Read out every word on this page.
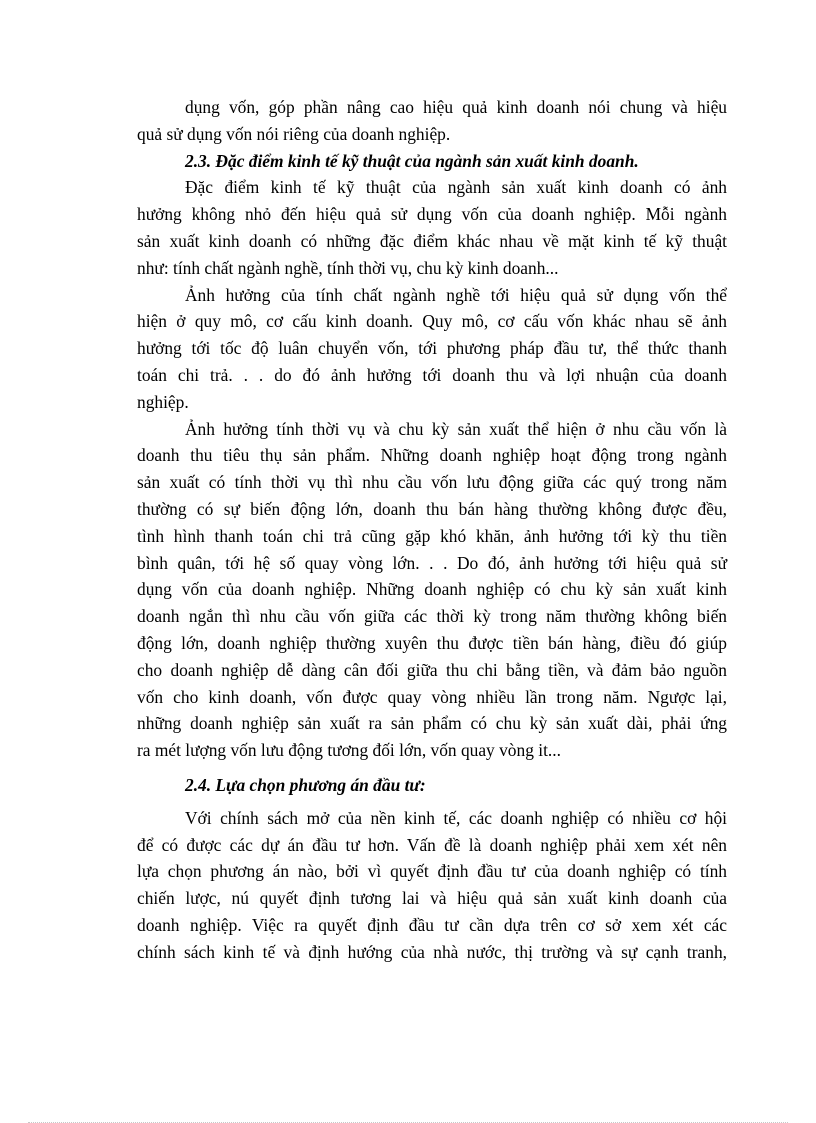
dụng vốn, góp phần nâng cao hiệu quả kinh doanh nói chung và hiệu
quả sử dụng vốn nói riêng của doanh nghiệp.
2.3. Đặc điểm kinh tế kỹ thuật của ngành sản xuất kinh doanh.
Đặc điểm kinh tế kỹ thuật của ngành sản xuất kinh doanh có ảnh
hưởng không nhỏ đến hiệu quả sử dụng vốn của doanh nghiệp. Mỗi ngành
sản xuất kinh doanh có những đặc điểm khác nhau về mặt kinh tế kỹ thuật
như: tính chất ngành nghề, tính thời vụ, chu kỳ kinh doanh...
Ảnh hưởng của tính chất ngành nghề tới hiệu quả sử dụng vốn thể
hiện ở quy mô, cơ cấu kinh doanh. Quy mô, cơ cấu vốn khác nhau sẽ ảnh
hưởng tới tốc độ luân chuyển vốn, tới phương pháp đầu tư, thể thức thanh
toán chi trả. . . do đó ảnh hưởng tới doanh thu và lợi nhuận của doanh
nghiệp.
Ảnh hưởng tính thời vụ và chu kỳ sản xuất thể hiện ở nhu cầu vốn là
doanh thu tiêu thụ sản phẩm. Những doanh nghiệp hoạt động trong ngành
sản xuất có tính thời vụ thì nhu cầu vốn lưu động giữa các quý trong năm
thường có sự biến động lớn, doanh thu bán hàng thường không được đều,
tình hình thanh toán chi trả cũng gặp khó khăn, ảnh hưởng tới kỳ thu tiền
bình quân, tới hệ số quay vòng lớn. . . Do đó, ảnh hưởng tới hiệu quả sử
dụng vốn của doanh nghiệp. Những doanh nghiệp có chu kỳ sản xuất kinh
doanh ngắn thì nhu cầu vốn giữa các thời kỳ trong năm thường không biến
động lớn, doanh nghiệp thường xuyên thu được tiền bán hàng, điều đó giúp
cho doanh nghiệp dễ dàng cân đối giữa thu chi bằng tiền, và đảm bảo nguồn
vốn cho kinh doanh, vốn được quay vòng nhiều lần trong năm. Ngược lại,
những doanh nghiệp sản xuất ra sản phẩm có chu kỳ sản xuất dài, phải ứng
ra mét lượng vốn lưu động tương đối lớn, vốn quay vòng it...
2.4. Lựa chọn phương án đầu tư:
Với chính sách mở của nền kinh tế, các doanh nghiệp có nhiều cơ hội
để có được các dự án đầu tư hơn. Vấn đề là doanh nghiệp phải xem xét nên
lựa chọn phương án nào, bởi vì quyết định đầu tư của doanh nghiệp có tính
chiến lược, nú quyết định tương lai và hiệu quả sản xuất kinh doanh của
doanh nghiệp. Việc ra quyết định đầu tư cần dựa trên cơ sở xem xét các
chính sách kinh tế và định hướng của nhà nước, thị trường và sự cạnh tranh,
